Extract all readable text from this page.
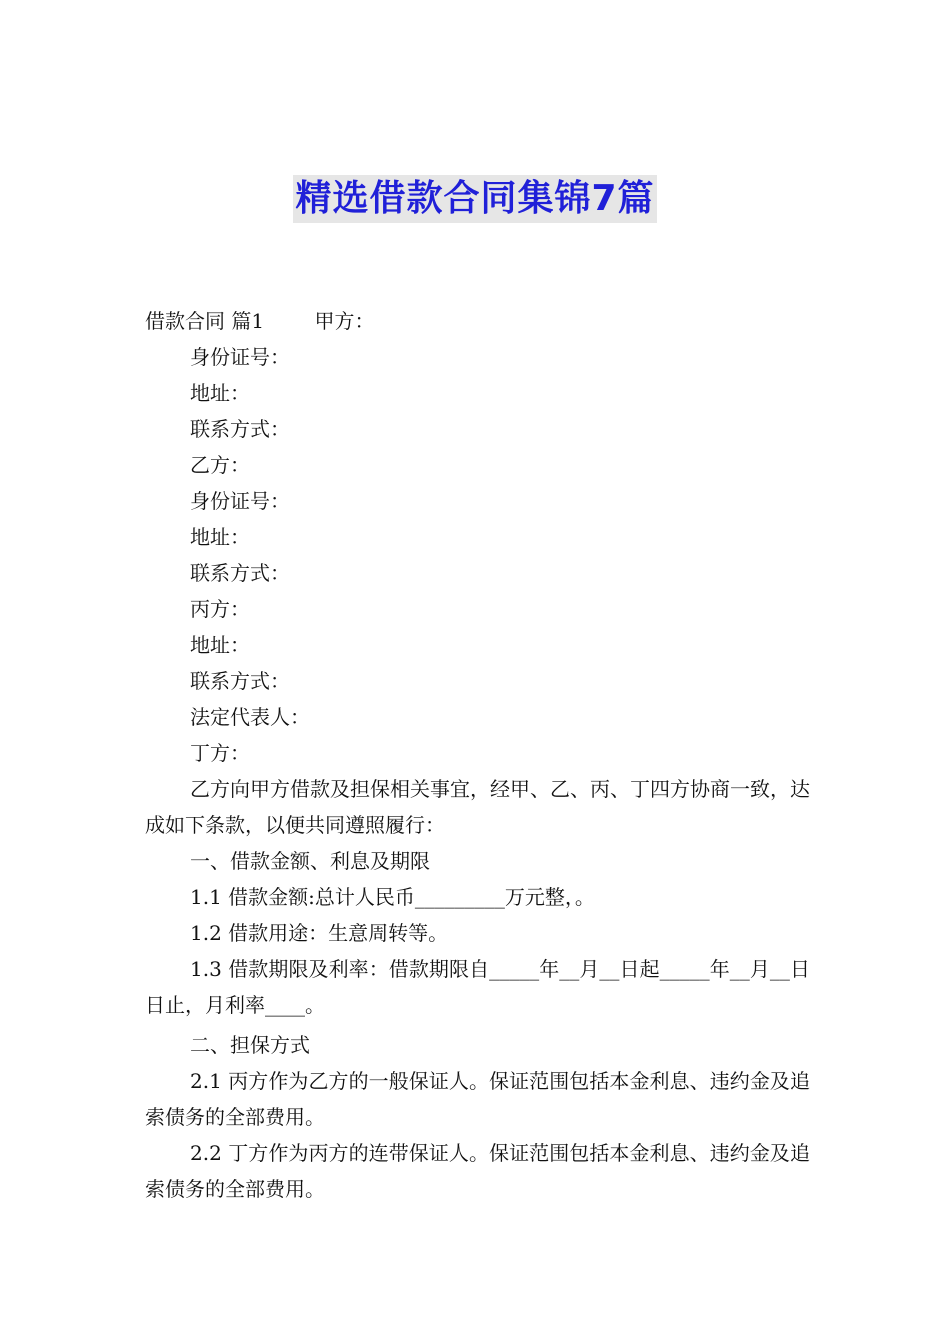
精选借款合同集锦7篇
借款合同 篇1	甲方：
身份证号：
地址：
联系方式：
乙方：
身份证号：
地址：
联系方式：
丙方：
地址：
联系方式：
法定代表人：
丁方：

乙方向甲方借款及担保相关事宜，经甲、乙、丙、丁四方协商一致，达成如下条款，以便共同遵照履行：

一、借款金额、利息及期限
1.1 借款金额:总计人民币_________万元整，。
1.2 借款用途：生意周转等。

1.3 借款期限及利率：借款期限自_____年__月__日起_____年__月__日日止，月利率____。

二、担保方式

2.1 丙方作为乙方的一般保证人。保证范围包括本金利息、违约金及追索债务的全部费用。

2.2 丁方作为丙方的连带保证人。保证范围包括本金利息、违约金及追索债务的全部费用。
